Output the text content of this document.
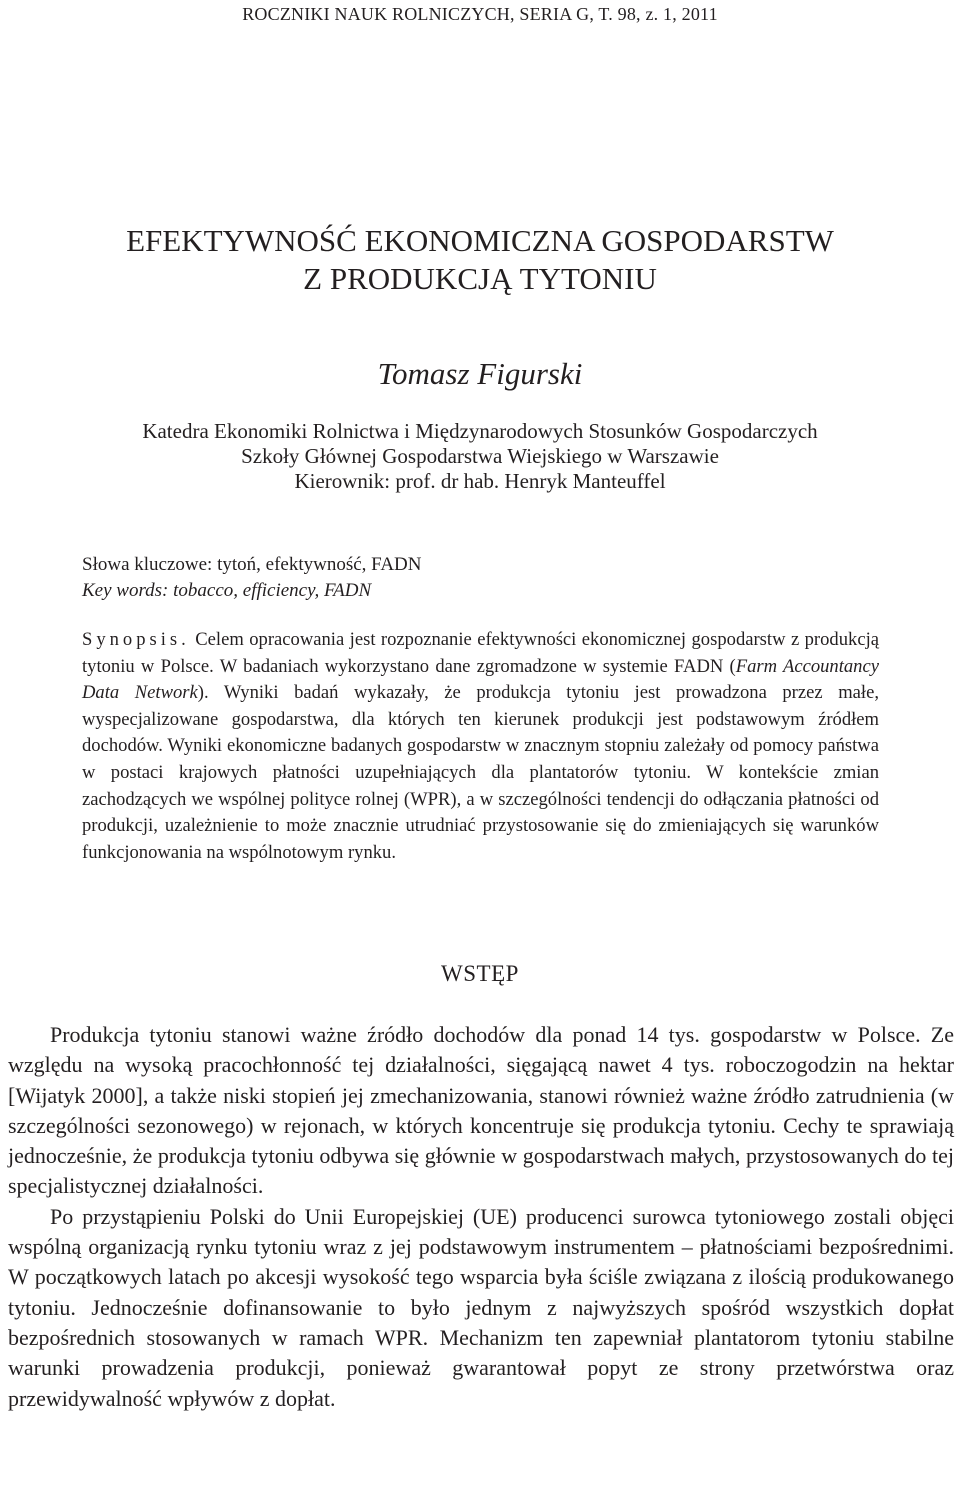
ROCZNIKI NAUK ROLNICZYCH, SERIA G, T. 98, z. 1, 2011
EFEKTYWNOŚĆ EKONOMICZNA GOSPODARSTW
Z PRODUKCJĄ TYTONIU
Tomasz Figurski
Katedra Ekonomiki Rolnictwa i Międzynarodowych Stosunków Gospodarczych
Szkoły Głównej Gospodarstwa Wiejskiego w Warszawie
Kierownik: prof. dr hab. Henryk Manteuffel
Słowa kluczowe: tytoń, efektywność, FADN
Key words: tobacco, efficiency, FADN

Synopsis. Celem opracowania jest rozpoznanie efektywności ekonomicznej gospodarstw z produkcją tytoniu w Polsce. W badaniach wykorzystano dane zgromadzone w systemie FADN (Farm Accountancy Data Network). Wyniki badań wykazały, że produkcja tytoniu jest prowadzona przez małe, wyspecjalizowane gospodarstwa, dla których ten kierunek produkcji jest podstawowym źródłem dochodów. Wyniki ekonomiczne badanych gospodarstw w znacznym stopniu zależały od pomocy państwa w postaci krajowych płatności uzupełniających dla plantatorów tytoniu. W kontekście zmian zachodzących we wspólnej polityce rolnej (WPR), a w szczególności tendencji do odłączania płatności od produkcji, uzależnienie to może znacznie utrudniać przystosowanie się do zmieniających się warunków funkcjonowania na wspólnotowym rynku.

WSTĘP

Produkcja tytoniu stanowi ważne źródło dochodów dla ponad 14 tys. gospodarstw w Polsce. Ze względu na wysoką pracochłonność tej działalności, sięgającą nawet 4 tys. roboczogodzin na hektar [Wijatyk 2000], a także niski stopień jej zmechanizowania, stanowi również ważne źródło zatrudnienia (w szczególności sezonowego) w rejonach, w których koncentruje się produkcja tytoniu. Cechy te sprawiają jednocześnie, że produkcja tytoniu odbywa się głównie w gospodarstwach małych, przystosowanych do tej specjalistycznej działalności.

Po przystąpieniu Polski do Unii Europejskiej (UE) producenci surowca tytoniowego zostali objęci wspólną organizacją rynku tytoniu wraz z jej podstawowym instrumentem – płatnościami bezpośrednimi. W początkowych latach po akcesji wysokość tego wsparcia była ściśle związana z ilością produkowanego tytoniu. Jednocześnie dofinansowanie to było jednym z najwyższych spośród wszystkich dopłat bezpośrednich stosowanych w ramach WPR. Mechanizm ten zapewniał plantatorom tytoniu stabilne warunki prowadzenia produkcji, ponieważ gwarantował popyt ze strony przetwórstwa oraz przewidywalność wpływów z dopłat.
